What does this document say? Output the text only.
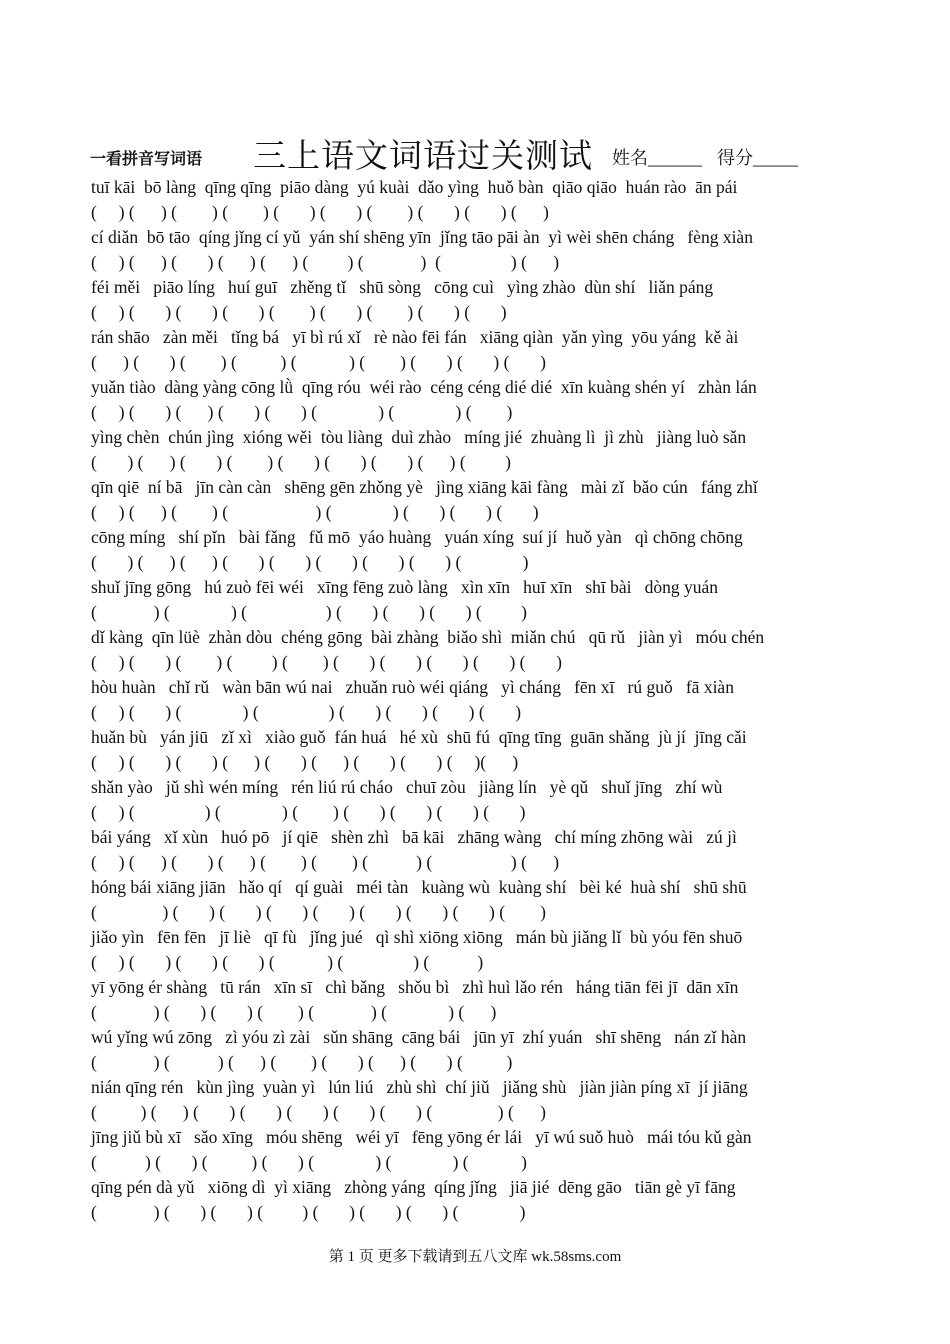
一看拼音写词语 三上语文词语过关测试 姓名______ 得分_____
tuī kāi  bō làng  qīng qīng  piāo dàng  yú kuài  dǎo yìng  huǒ bàn  qiāo qiāo  huán rào  ān pái
(     ) (      ) (        ) (        ) (       ) (       ) (        ) (       ) (       ) (      )
cí diǎn  bō tāo  qíng jǐng cí yǔ  yán shí shēng yīn  jǐng tāo pāi àn  yì wèi shēn cháng   fèng xiàn
(     ) (      ) (       ) (      ) (      ) (         ) (             )  (                ) (      )
féi měi   piāo líng   huí guī   zhěng tǐ   shū sòng   cōng cuì   yìng zhào  dùn shí   liǎn páng
(     ) (       ) (       ) (       ) (        ) (       ) (        ) (       ) (       )
rán shāo   zàn měi   tǐng bá   yī bì rú xǐ   rè nào fēi fán   xiāng qiàn  yǎn yìng  yōu yáng  kě ài
(      ) (       ) (        ) (          ) (            ) (        ) (       ) (       ) (       )
yuǎn tiào  dàng yàng cōng lǜ  qīng róu  wéi rào  céng céng dié dié  xīn kuàng shén yí   zhàn lán
(     ) (       ) (      ) (       ) (       ) (              ) (              ) (        )
yìng chèn  chún jìng  xióng wěi  tòu liàng  duì zhào   míng jié  zhuàng lì  jì zhù   jiàng luò sǎn
(       ) (      ) (       ) (        ) (       ) (       ) (       ) (      ) (         )
qīn qiē  ní bā   jīn càn càn   shēng gēn zhǒng yè   jìng xiāng kāi fàng   mài zǐ  bǎo cún   fáng zhǐ
(     ) (      ) (        ) (                    ) (              ) (       ) (       ) (       )
cōng míng   shí pǐn   bài fǎng   fǔ mō  yáo huàng   yuán xíng  suí jí  huǒ yàn   qì chōng chōng
(       ) (      ) (      ) (       ) (       ) (       ) (       ) (       ) (              )
shuǐ jīng gōng   hú zuò fēi wéi   xīng fēng zuò làng   xìn xīn   huī xīn   shī bài   dòng yuán
(             ) (              ) (                  ) (       ) (       ) (       ) (         )
dǐ kàng  qīn lüè  zhàn dòu  chéng gōng  bài zhàng  biǎo shì  miǎn chú   qū rǔ   jiàn yì   móu chén
(     ) (       ) (        ) (         ) (        ) (       ) (       ) (       ) (       ) (       )
hòu huàn   chǐ rǔ   wàn bān wú nai   zhuǎn ruò wéi qiáng   yì cháng   fēn xī   rú guǒ   fā xiàn
(     ) (       ) (              ) (                ) (       ) (       ) (       ) (       )
huǎn bù   yán jiū   zǐ xì   xiào guǒ  fán huá   hé xù  shū fú  qīng tīng  guān shǎng  jù jí  jīng cǎi
(     ) (       ) (       ) (      ) (       ) (      ) (       ) (       ) (     )(      )
shǎn yào   jǔ shì wén míng   rén liú rú cháo   chuī zòu   jiàng lín   yè qǔ   shuǐ jīng   zhí wù
(     ) (                ) (              ) (        ) (       ) (       ) (       ) (       )
bái yáng   xǐ xùn   huó pō   jí qiē   shèn zhì   bā kāi   zhāng wàng   chí míng zhōng wài   zú jì
(     ) (      ) (       ) (      ) (        ) (        ) (           ) (                  ) (      )
hóng bái xiāng jiān   hǎo qí   qí guài   méi tàn   kuàng wù  kuàng shí   bèi ké  huà shí   shū shū
(               ) (       ) (       ) (       ) (       ) (       ) (       ) (       ) (        )
jiǎo yìn   fēn fēn   jī liè   qī fù   jǐng jué   qì shì xiōng xiōng   mán bù jiǎng lǐ  bù yóu fēn shuō
(     ) (       ) (       ) (       ) (            ) (                ) (           )
yī yōng ér shàng   tū rán   xīn sī   chì bǎng   shǒu bì   zhì huì lǎo rén   háng tiān fēi jī  dān xīn
(             ) (       ) (       ) (        ) (             ) (              ) (      )
wú yǐng wú zōng   zì yóu zì zài   sǔn shāng  cāng bái   jūn yī  zhí yuán   shī shēng   nán zǐ hàn
(             ) (           ) (      ) (        ) (       ) (      ) (       ) (          )
nián qīng rén   kùn jìng  yuàn yì   lún liú   zhù shì  chí jiǔ   jiǎng shù   jiàn jiàn píng xī  jí jiāng
(          ) (      ) (       ) (       ) (       ) (       ) (       ) (               ) (      )
jīng jiǔ bù xī   sǎo xīng   móu shēng   wéi yī   fēng yōng ér lái   yī wú suǒ huò   mái tóu kǔ gàn
(           ) (       ) (          ) (       ) (              ) (              ) (            )
qīng pén dà yǔ   xiōng dì  yì xiāng   zhòng yáng  qíng jǐng   jiā jié  dēng gāo   tiān gè yī fāng
(             ) (       ) (       ) (         ) (       ) (       ) (       ) (              )
第 1 页 更多下载请到五八文库 wk.58sms.com
